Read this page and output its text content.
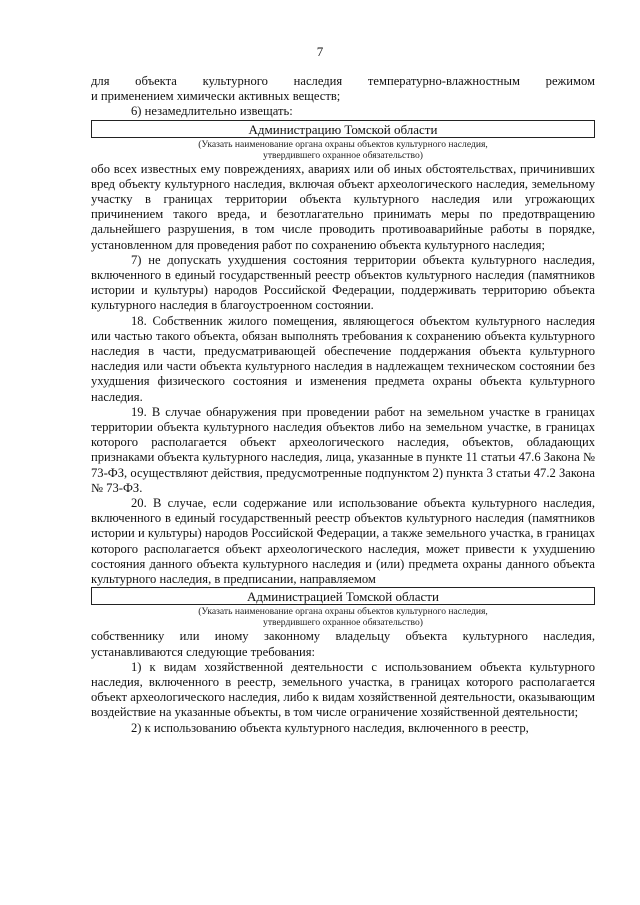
7

для объекта культурного наследия температурно-влажностным режимом

и применением химически активных веществ;

6) незамедлительно извещать:

Администрацию Томской области
(Указать наименование органа охраны объектов культурного наследия,
утвердившего охранное обязательство)

обо всех известных ему повреждениях, авариях или об иных обстоятельствах, причинивших вред объекту культурного наследия, включая объект археологического наследия, земельному участку в границах территории объекта культурного наследия или угрожающих причинением такого вреда, и безотлагательно принимать меры по предотвращению дальнейшего разрушения, в том числе проводить противоаварийные работы в порядке, установленном для проведения работ по сохранению объекта культурного наследия;

7) не допускать ухудшения состояния территории объекта культурного наследия, включенного в единый государственный реестр объектов культурного наследия (памятников истории и культуры) народов Российской Федерации, поддерживать территорию объекта культурного наследия в благоустроенном состоянии.

18. Собственник жилого помещения, являющегося объектом культурного наследия или частью такого объекта, обязан выполнять требования к сохранению объекта культурного наследия в части, предусматривающей обеспечение поддержания объекта культурного наследия или части объекта культурного наследия в надлежащем техническом состоянии без ухудшения физического состояния и изменения предмета охраны объекта культурного наследия.

19. В случае обнаружения при проведении работ на земельном участке в границах территории объекта культурного наследия объектов либо на земельном участке, в границах которого располагается объект археологического наследия, объектов, обладающих признаками объекта культурного наследия, лица, указанные в пункте 11 статьи 47.6 Закона № 73-ФЗ, осуществляют действия, предусмотренные подпунктом 2) пункта 3 статьи 47.2 Закона № 73-ФЗ.

20. В случае, если содержание или использование объекта культурного наследия, включенного в единый государственный реестр объектов культурного наследия (памятников истории и культуры) народов Российской Федерации, а также земельного участка, в границах которого располагается объект археологического наследия, может привести к ухудшению состояния данного объекта культурного наследия и (или) предмета охраны данного объекта культурного наследия, в предписании, направляемом

Администрацией Томской области
(Указать наименование органа охраны объектов культурного наследия,
утвердившего охранное обязательство)

собственнику или иному законному владельцу объекта культурного наследия, устанавливаются следующие требования:

1) к видам хозяйственной деятельности с использованием объекта культурного наследия, включенного в реестр, земельного участка, в границах которого располагается объект археологического наследия, либо к видам хозяйственной деятельности, оказывающим воздействие на указанные объекты, в том числе ограничение хозяйственной деятельности;

2) к использованию объекта культурного наследия, включенного в реестр,
